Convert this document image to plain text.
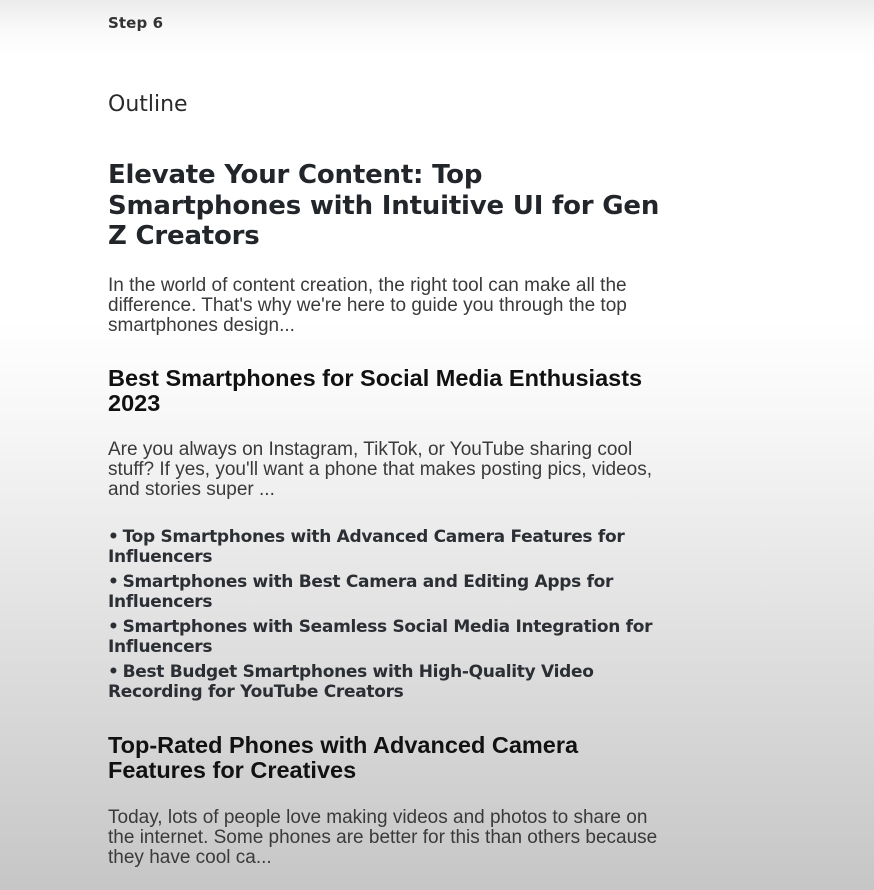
Step 6
Outline
Elevate Your Content: Top Smartphones with Intuitive UI for Gen Z Creators

In the world of content creation, the right tool can make all the difference. That's why we're here to guide you through the top smartphones design...

Best Smartphones for Social Media Enthusiasts 2023

Are you always on Instagram, TikTok, or YouTube sharing cool stuff? If yes, you'll want a phone that makes posting pics, videos, and stories super ...

• Top Smartphones with Advanced Camera Features for Influencers
• Smartphones with Best Camera and Editing Apps for Influencers
• Smartphones with Seamless Social Media Integration for Influencers
• Best Budget Smartphones with High-Quality Video Recording for YouTube Creators
Top-Rated Phones with Advanced Camera Features for Creatives

Today, lots of people love making videos and photos to share on the internet. Some phones are better for this than others because they have cool ca...
